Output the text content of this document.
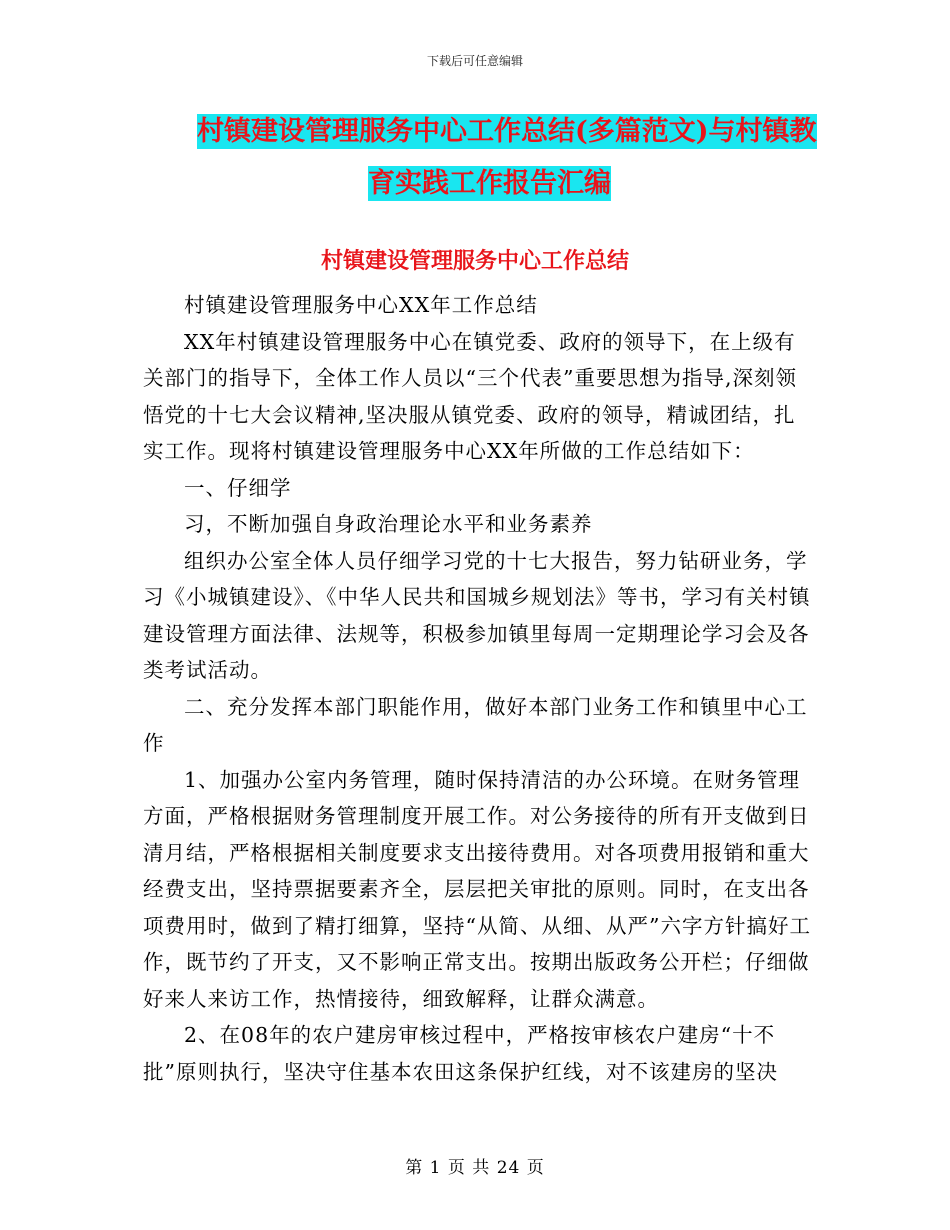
下载后可任意编辑
村镇建设管理服务中心工作总结(多篇范文)与村镇教
育实践工作报告汇编
村镇建设管理服务中心工作总结

村镇建设管理服务中心XX年工作总结

XX年村镇建设管理服务中心在镇党委、政府的领导下，在上级有关部门的指导下，全体工作人员以“三个代表”重要思想为指导,深刻领悟党的十七大会议精神,坚决服从镇党委、政府的领导，精诚团结，扎实工作。现将村镇建设管理服务中心XX年所做的工作总结如下：

一、仔细学

习，不断加强自身政治理论水平和业务素养

组织办公室全体人员仔细学习党的十七大报告，努力钻研业务，学习《小城镇建设》、《中华人民共和国城乡规划法》等书，学习有关村镇建设管理方面法律、法规等，积极参加镇里每周一定期理论学习会及各类考试活动。

二、充分发挥本部门职能作用，做好本部门业务工作和镇里中心工作

1、加强办公室内务管理，随时保持清洁的办公环境。在财务管理方面，严格根据财务管理制度开展工作。对公务接待的所有开支做到日清月结，严格根据相关制度要求支出接待费用。对各项费用报销和重大经费支出，坚持票据要素齐全，层层把关审批的原则。同时，在支出各项费用时，做到了精打细算，坚持“从简、从细、从严”六字方针搞好工作，既节约了开支，又不影响正常支出。按期出版政务公开栏；仔细做好来人来访工作，热情接待，细致解释，让群众满意。

2、在08年的农户建房审核过程中，严格按审核农户建房“十不批”原则执行，坚决守住基本农田这条保护红线，对不该建房的坚决

第 1 页 共 24 页
